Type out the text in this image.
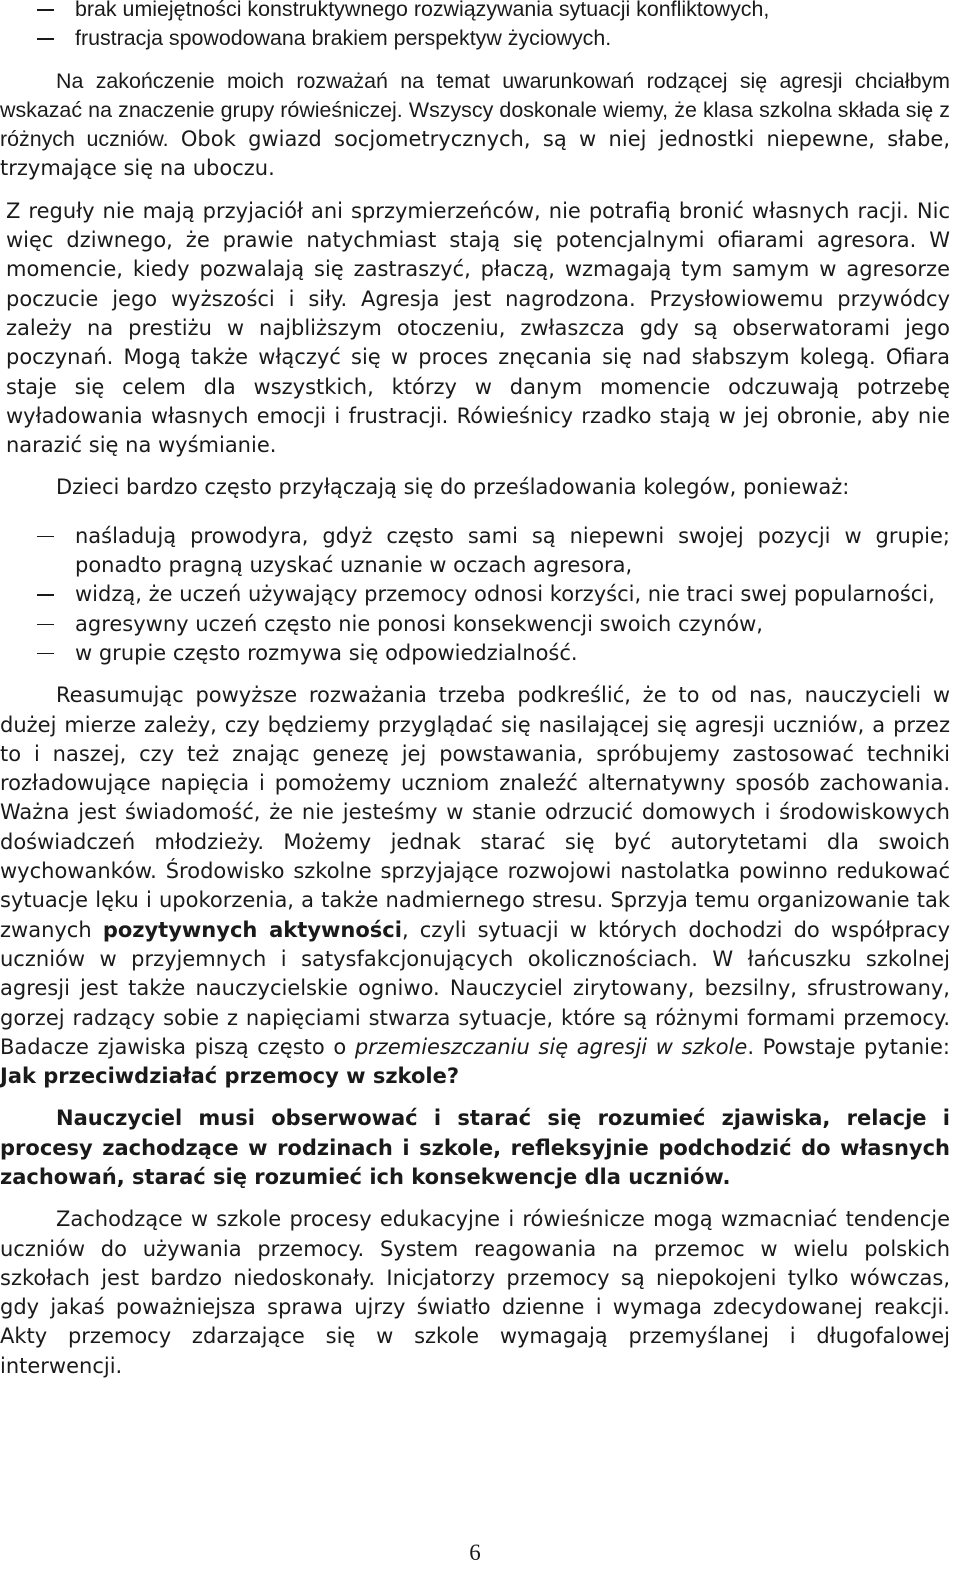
brak umiejętności konstruktywnego rozwiązywania sytuacji konfliktowych,
frustracja spowodowana brakiem perspektyw życiowych.

Na zakończenie moich rozważań na temat uwarunkowań rodzącej się agresji chciałbym wskazać na znaczenie grupy rówieśniczej. Wszyscy doskonale wiemy, że klasa szkolna składa się z różnych uczniów. Obok gwiazd socjometrycznych, są w niej jednostki niepewne, słabe, trzymające się na uboczu.

Z reguły nie mają przyjaciół ani sprzymierzeńców, nie potrafią bronić własnych racji. Nic więc dziwnego, że prawie natychmiast stają się potencjalnymi ofiarami agresora. W momencie, kiedy pozwalają się zastraszyć, płaczą, wzmagają tym samym w agresorze poczucie jego wyższości i siły. Agresja jest nagrodzona. Przysłowiowemu przywódcy zależy na prestiżu w najbliższym otoczeniu, zwłaszcza gdy są obserwatorami jego poczynań. Mogą także włączyć się w proces znęcania się nad słabszym kolegą. Ofiara staje się celem dla wszystkich, którzy w danym momencie odczuwają potrzebę wyładowania własnych emocji i frustracji. Rówieśnicy rzadko stają w jej obronie, aby nie narazić się na wyśmianie.

Dzieci bardzo często przyłączają się do prześladowania kolegów, ponieważ:

naśladują prowodyra, gdyż często sami są niepewni swojej pozycji w grupie; ponadto pragną uzyskać uznanie w oczach agresora,
widzą, że uczeń używający przemocy odnosi korzyści, nie traci swej popularności,
agresywny uczeń często nie ponosi konsekwencji swoich czynów,
w grupie często rozmywa się odpowiedzialność.

Reasumując powyższe rozważania trzeba podkreślić, że to od nas, nauczycieli w dużej mierze zależy, czy będziemy przyglądać się nasilającej się agresji uczniów, a przez to i naszej, czy też znając genezę jej powstawania, spróbujemy zastosować techniki rozładowujące napięcia i pomożemy uczniom znaleźć alternatywny sposób zachowania. Ważna jest świadomość, że nie jesteśmy w stanie odrzucić domowych i środowiskowych doświadczeń młodzieży. Możemy jednak starać się być autorytetami dla swoich wychowanków. Środowisko szkolne sprzyjające rozwojowi nastolatka powinno redukować sytuacje lęku i upokorzenia, a także nadmiernego stresu. Sprzyja temu organizowanie tak zwanych pozytywnych aktywności, czyli sytuacji w których dochodzi do współpracy uczniów w przyjemnych i satysfakcjonujących okolicznościach. W łańcuszku szkolnej agresji jest także nauczycielskie ogniwo. Nauczyciel zirytowany, bezsilny, sfrustrowany, gorzej radzący sobie z napięciami stwarza sytuacje, które są różnymi formami przemocy. Badacze zjawiska piszą często o przemieszczaniu się agresji w szkole. Powstaje pytanie: Jak przeciwdziałać przemocy w szkole?

Nauczyciel musi obserwować i starać się rozumieć zjawiska, relacje i procesy zachodzące w rodzinach i szkole, refleksyjnie podchodzić do własnych zachowań, starać się rozumieć ich konsekwencje dla uczniów.

Zachodzące w szkole procesy edukacyjne i rówieśnicze mogą wzmacniać tendencje uczniów do używania przemocy. System reagowania na przemoc w wielu polskich szkołach jest bardzo niedoskonały. Inicjatorzy przemocy są niepokojeni tylko wówczas, gdy jakaś poważniejsza sprawa ujrzy światło dzienne i wymaga zdecydowanej reakcji. Akty przemocy zdarzające się w szkole wymagają przemyślanej i długofalowej interwencji.

6
